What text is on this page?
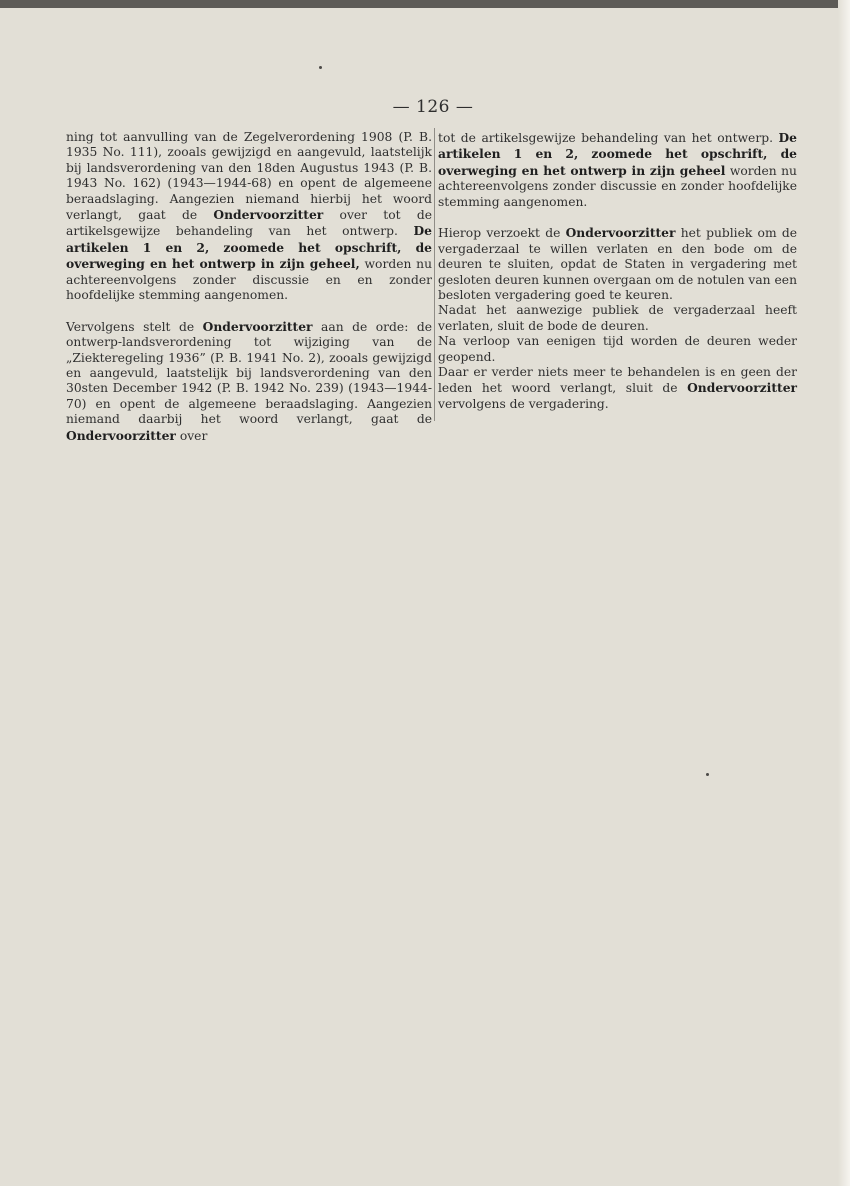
— 126 —

ning tot aanvulling van de Zegelverordening 1908 (P. B. 1935 No. 111), zooals gewijzigd en aangevuld, laatstelijk bij landsverordening van den 18den Augustus 1943 (P. B. 1943 No. 162) (1943—1944-68) en opent de algemeene beraadslaging. Aangezien niemand hierbij het woord verlangt, gaat de Ondervoorzitter over tot de artikelsgewijze behandeling van het ontwerp. De artikelen 1 en 2, zoomede het opschrift, de overweging en het ontwerp in zijn geheel, worden nu achtereenvolgens zonder discussie en en zonder hoofdelijke stemming aangenomen.

Vervolgens stelt de Ondervoorzitter aan de orde: de ontwerp-landsverordening tot wijziging van de „Ziekteregeling 1936” (P. B. 1941 No. 2), zooals gewijzigd en aangevuld, laatstelijk bij landsverordening van den 30sten December 1942 (P. B. 1942 No. 239) (1943—1944-70) en opent de algemeene beraadslaging. Aangezien niemand daarbij het woord verlangt, gaat de Ondervoorzitter over

tot de artikelsgewijze behandeling van het ontwerp. De artikelen 1 en 2, zoomede het opschrift, de overweging en het ontwerp in zijn geheel worden nu achtereenvolgens zonder discussie en zonder hoofdelijke stemming aangenomen.

Hierop verzoekt de Ondervoorzitter het publiek om de vergaderzaal te willen verlaten en den bode om de deuren te sluiten, opdat de Staten in vergadering met gesloten deuren kunnen overgaan om de notulen van een besloten vergadering goed te keuren.

Nadat het aanwezige publiek de vergaderzaal heeft verlaten, sluit de bode de deuren.

Na verloop van eenigen tijd worden de deuren weder geopend.

Daar er verder niets meer te behandelen is en geen der leden het woord verlangt, sluit de Ondervoorzitter vervolgens de vergadering.
